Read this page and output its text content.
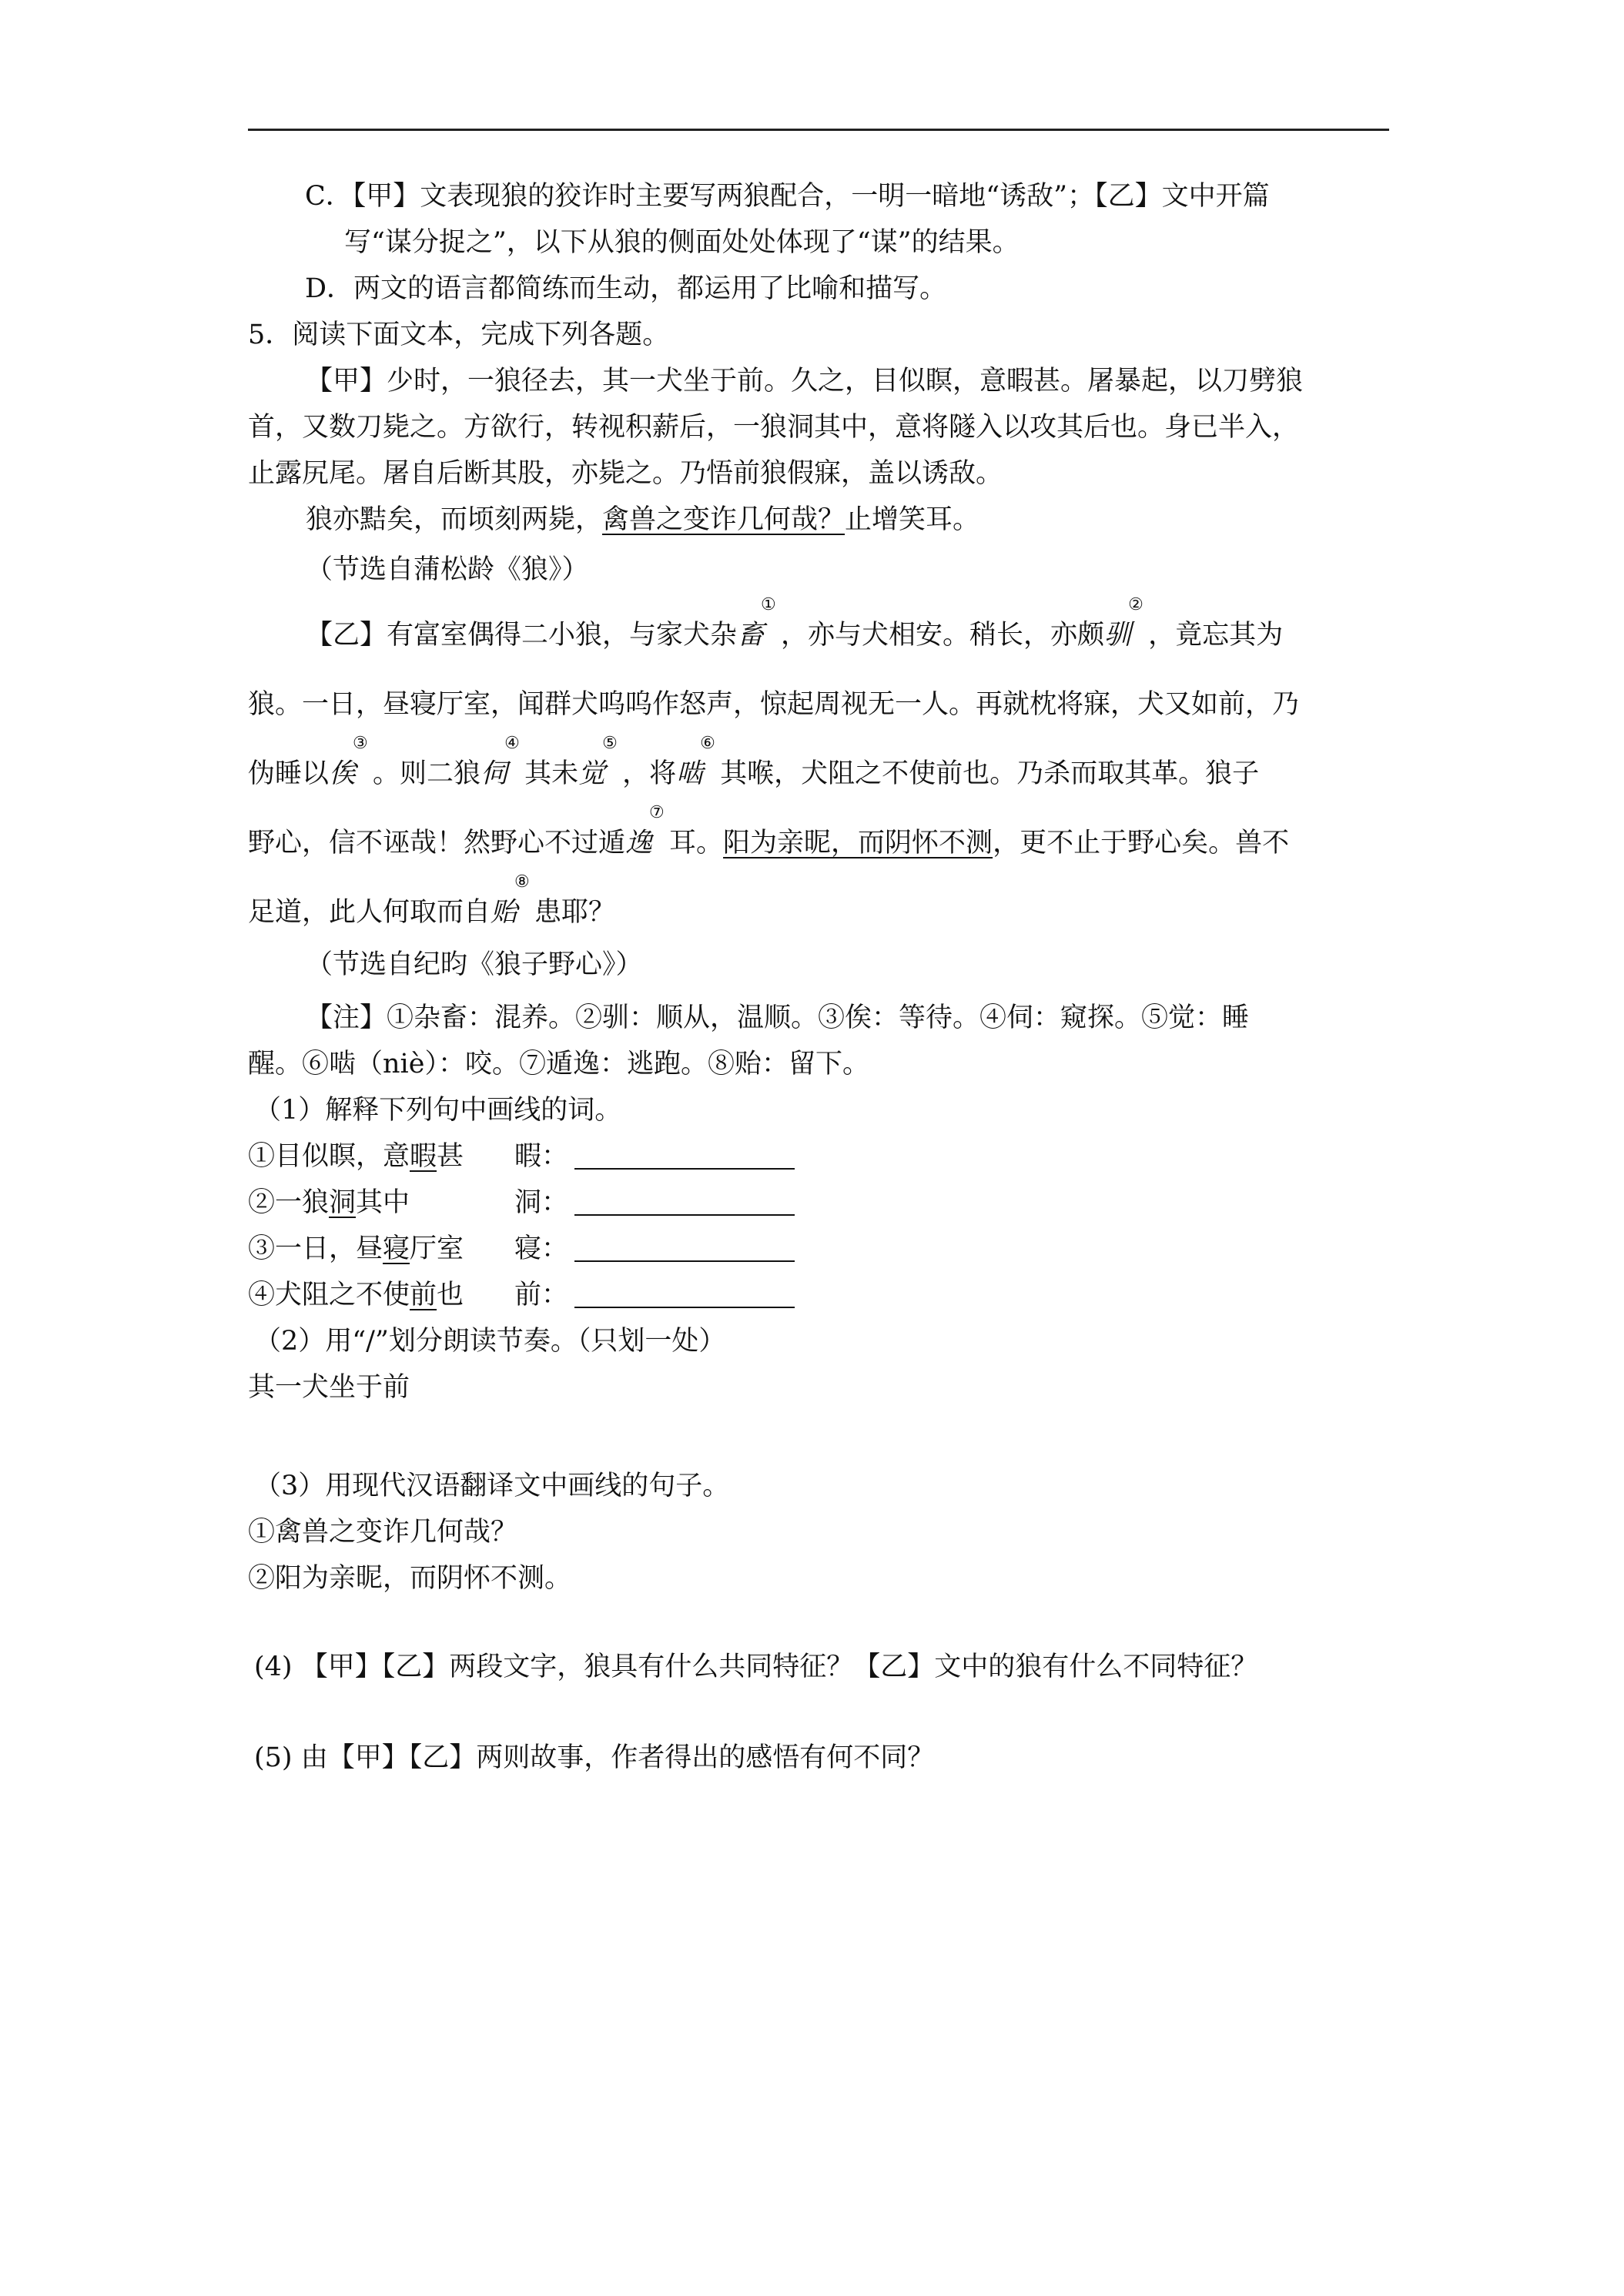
C．【甲】文表现狼的狡诈时主要写两狼配合，一明一暗地“诱敌”；【乙】文中开篇
写“谋分捉之”，以下从狼的侧面处处体现了“谋”的结果。
D．两文的语言都简练而生动，都运用了比喻和描写。
5．阅读下面文本，完成下列各题。
【甲】少时，一狼径去，其一犬坐于前。久之，目似瞑，意暇甚。屠暴起，以刀劈狼
首，又数刀毙之。方欲行，转视积薪后，一狼洞其中，意将隧入以攻其后也。身已半入，
止露尻尾。屠自后断其股，亦毙之。乃悟前狼假寐，盖以诱敌。
狼亦黠矣，而顷刻两毙，禽兽之变诈几何哉？止增笑耳。
（节选自蒲松龄《狼》）
【乙】有富室偶得二小狼，与家犬杂畜
①
，亦与犬相安。稍长，亦颇驯
②
，竟忘其为
狼。一日，昼寝厅室，闻群犬呜呜作怒声，惊起周视无一人。再就枕将寐，犬又如前，乃
伪睡以俟
③
。则二狼伺
④
其未觉
⑤
，将啮
⑥
其喉，犬阻之不使前也。乃杀而取其革。狼子
野心，信不诬哉！然野心不过遁逸
⑦
耳。阳为亲昵，而阴怀不测，更不止于野心矣。兽不
足道，此人何取而自贻
⑧
患耶？
（节选自纪昀《狼子野心》）
【注】①杂畜：混养。②驯：顺从，温顺。③俟：等待。④伺：窥探。⑤觉：睡
醒。⑥啮（niè）：咬。⑦遁逸：逃跑。⑧贻：留下。
（1）解释下列句中画线的词。
①目似瞑，意暇甚 暇：
②一狼洞其中	洞：
③一日，昼寝厅室 寝：
④犬阻之不使前也 前：
（2）用“/”划分朗读节奏。（只划一处）
其一犬坐于前
（3）用现代汉语翻译文中画线的句子。
①禽兽之变诈几何哉？
②阳为亲昵，而阴怀不测。
(4) 【甲】【乙】两段文字，狼具有什么共同特征？【乙】文中的狼有什么不同特征？
(5) 由【甲】【乙】两则故事，作者得出的感悟有何不同？
